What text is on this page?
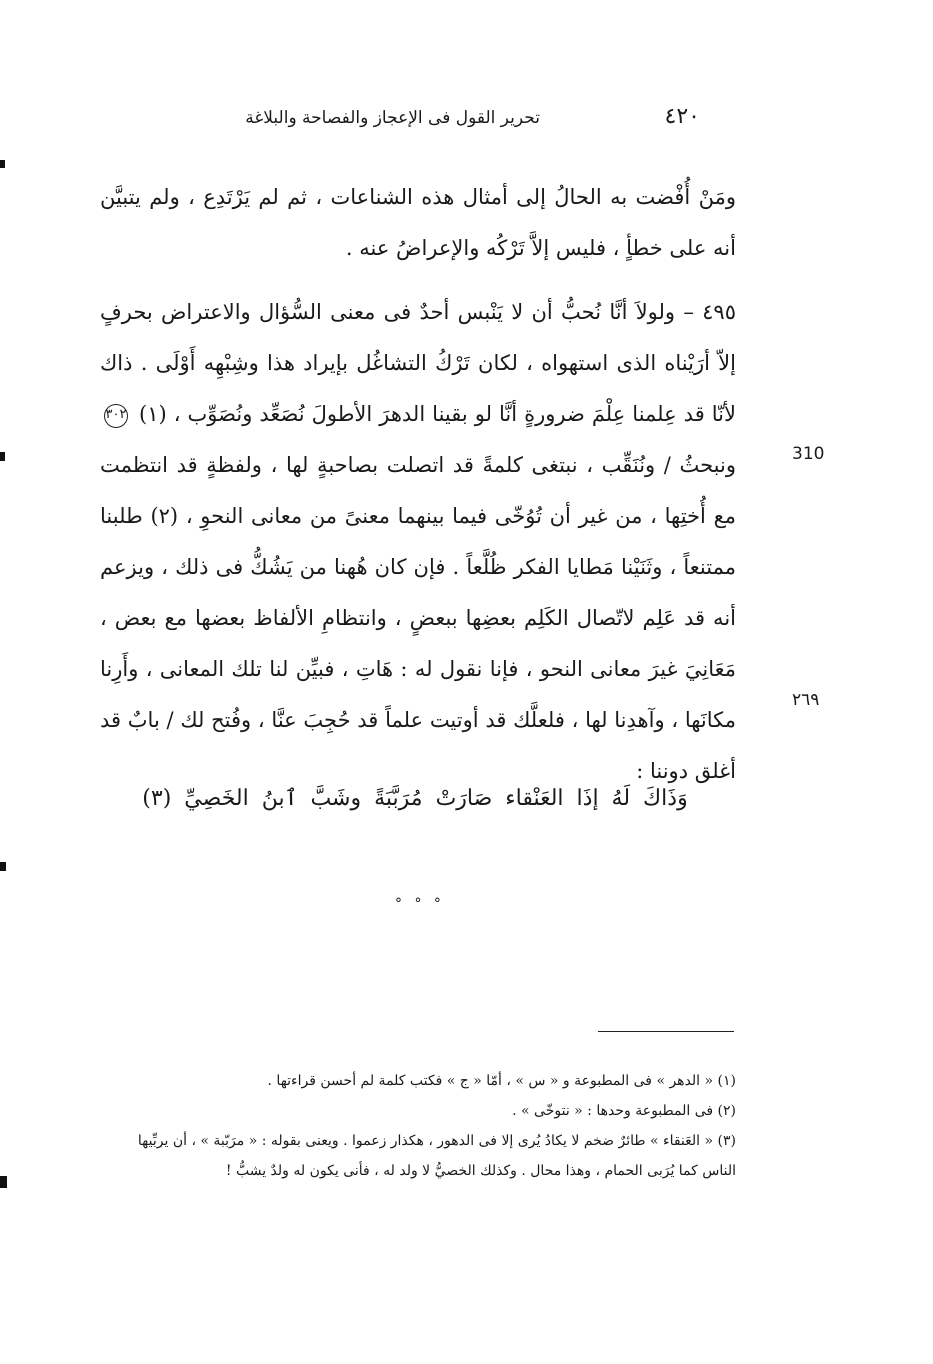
٤٢٠
تحرير القول فى الإعجاز والفصاحة والبلاغة

ومَنْ أُفْضت به الحالُ إلى أمثال هذه الشناعات ، ثم لم يَرْتَدِع ، ولم يتبيَّن أنه على خطأٍ ، فليس إلاَّ تَرْكُه والإعراضُ عنه .

٤٩٥ – ولولاَ أنَّا نُحبُّ أن لا يَنْبس أحدٌ فى معنى السُّؤال والاعتراض بحرفٍ إلاّ أرَيْناه الذى استهواه ، لكان تَرْكُ التشاغُل بإيراد هذا وشِبْهِه أَوْلَى . ذاك لأنّا قد عِلمنا عِلْمَ ضرورةٍ أنَّا لو بقينا الدهرَ الأطولَ نُصَعِّد ونُصَوِّب ، (١) ٣٠٢ ونبحثُ / ونُنَقِّب ، نبتغى كلمةً قد اتصلت بصاحبةٍ لها ، ولفظةٍ قد انتظمت مع أُختِها ، من غير أن تُوُخّى فيما بينهما معنىً من معانى النحوِ ، (٢) طلبنا ممتنعاً ، وثَنَيْنا مَطايا الفكر ظُلَّعاً . فإن كان هُهنا من يَشُكُّ فى ذلك ، ويزعم أنه قد عَلِم لاتّصال الكَلِم بعضِها ببعضٍ ، وانتظامِ الألفاظ بعضها مع بعض ، مَعَانِيَ غيرَ معانى النحو ، فإنا نقول له : هَاتِ ، فبيِّن لنا تلك المعانى ، وأَرِنا مكانَها ، وآهدِنا لها ، فلعلَّك قد أوتيت علماً قد حُجِبَ عنَّا ، وفُتح لك / بابٌ قد أغلق دوننا :

310
٢٦٩
وَذَاكَ لَهُ إذَا العَنْقاء صَارَتْ مُرَبَّبَةً وشَبَّ ٱبنُ الخَصِيِّ (٣)
° ° °

(١) « الدهر » فى المطبوعة و « س » ، أمّا « ج » فكتب كلمة لم أحسن قراءتها .

(٢) فى المطبوعة وحدها : « نتوخّى » .

(٣) « العَنقاء » طائرٌ ضخم لا يكادُ يُرى إلا فى الدهور ، هكذار زعموا . ويعنى بقوله : « مرَبّبة » ، أن يربِّيها الناس كما يُرَبى الحمام ، وهذا محال . وكذلك الخصيُّ لا ولد له ، فأنى يكون له ولدٌ يشبُّ !
